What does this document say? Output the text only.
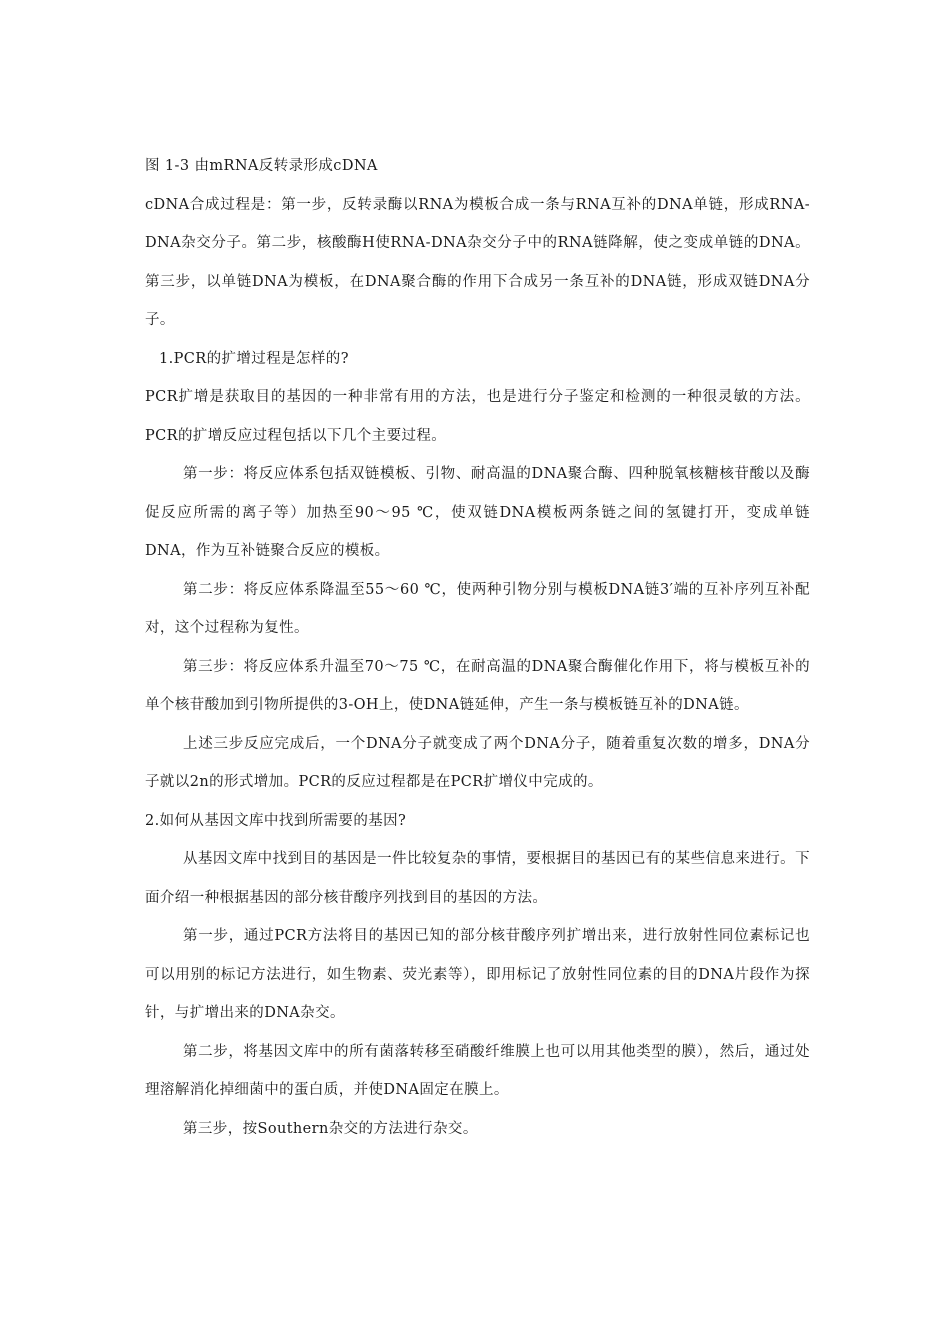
图 1-3 由mRNA反转录形成cDNA

cDNA合成过程是：第一步，反转录酶以RNA为模板合成一条与RNA互补的DNA单链，形成RNA-DNA杂交分子。第二步，核酸酶H使RNA-DNA杂交分子中的RNA链降解，使之变成单链的DNA。第三步，以单链DNA为模板，在DNA聚合酶的作用下合成另一条互补的DNA链，形成双链DNA分子。

1.PCR的扩增过程是怎样的?

PCR扩增是获取目的基因的一种非常有用的方法，也是进行分子鉴定和检测的一种很灵敏的方法。PCR的扩增反应过程包括以下几个主要过程。

第一步：将反应体系包括双链模板、引物、耐高温的DNA聚合酶、四种脱氧核糖核苷酸以及酶促反应所需的离子等）加热至90～95 ℃，使双链DNA模板两条链之间的氢键打开，变成单链DNA，作为互补链聚合反应的模板。

第二步：将反应体系降温至55～60 ℃，使两种引物分别与模板DNA链3′端的互补序列互补配对，这个过程称为复性。

第三步：将反应体系升温至70～75 ℃，在耐高温的DNA聚合酶催化作用下，将与模板互补的单个核苷酸加到引物所提供的3-OH上，使DNA链延伸，产生一条与模板链互补的DNA链。

上述三步反应完成后，一个DNA分子就变成了两个DNA分子，随着重复次数的增多，DNA分子就以2n的形式增加。PCR的反应过程都是在PCR扩增仪中完成的。

2.如何从基因文库中找到所需要的基因?

从基因文库中找到目的基因是一件比较复杂的事情，要根据目的基因已有的某些信息来进行。下面介绍一种根据基因的部分核苷酸序列找到目的基因的方法。

第一步，通过PCR方法将目的基因已知的部分核苷酸序列扩增出来，进行放射性同位素标记也可以用别的标记方法进行，如生物素、荧光素等），即用标记了放射性同位素的目的DNA片段作为探针，与扩增出来的DNA杂交。

第二步，将基因文库中的所有菌落转移至硝酸纤维膜上也可以用其他类型的膜），然后，通过处理溶解消化掉细菌中的蛋白质，并使DNA固定在膜上。

第三步，按Southern杂交的方法进行杂交。
